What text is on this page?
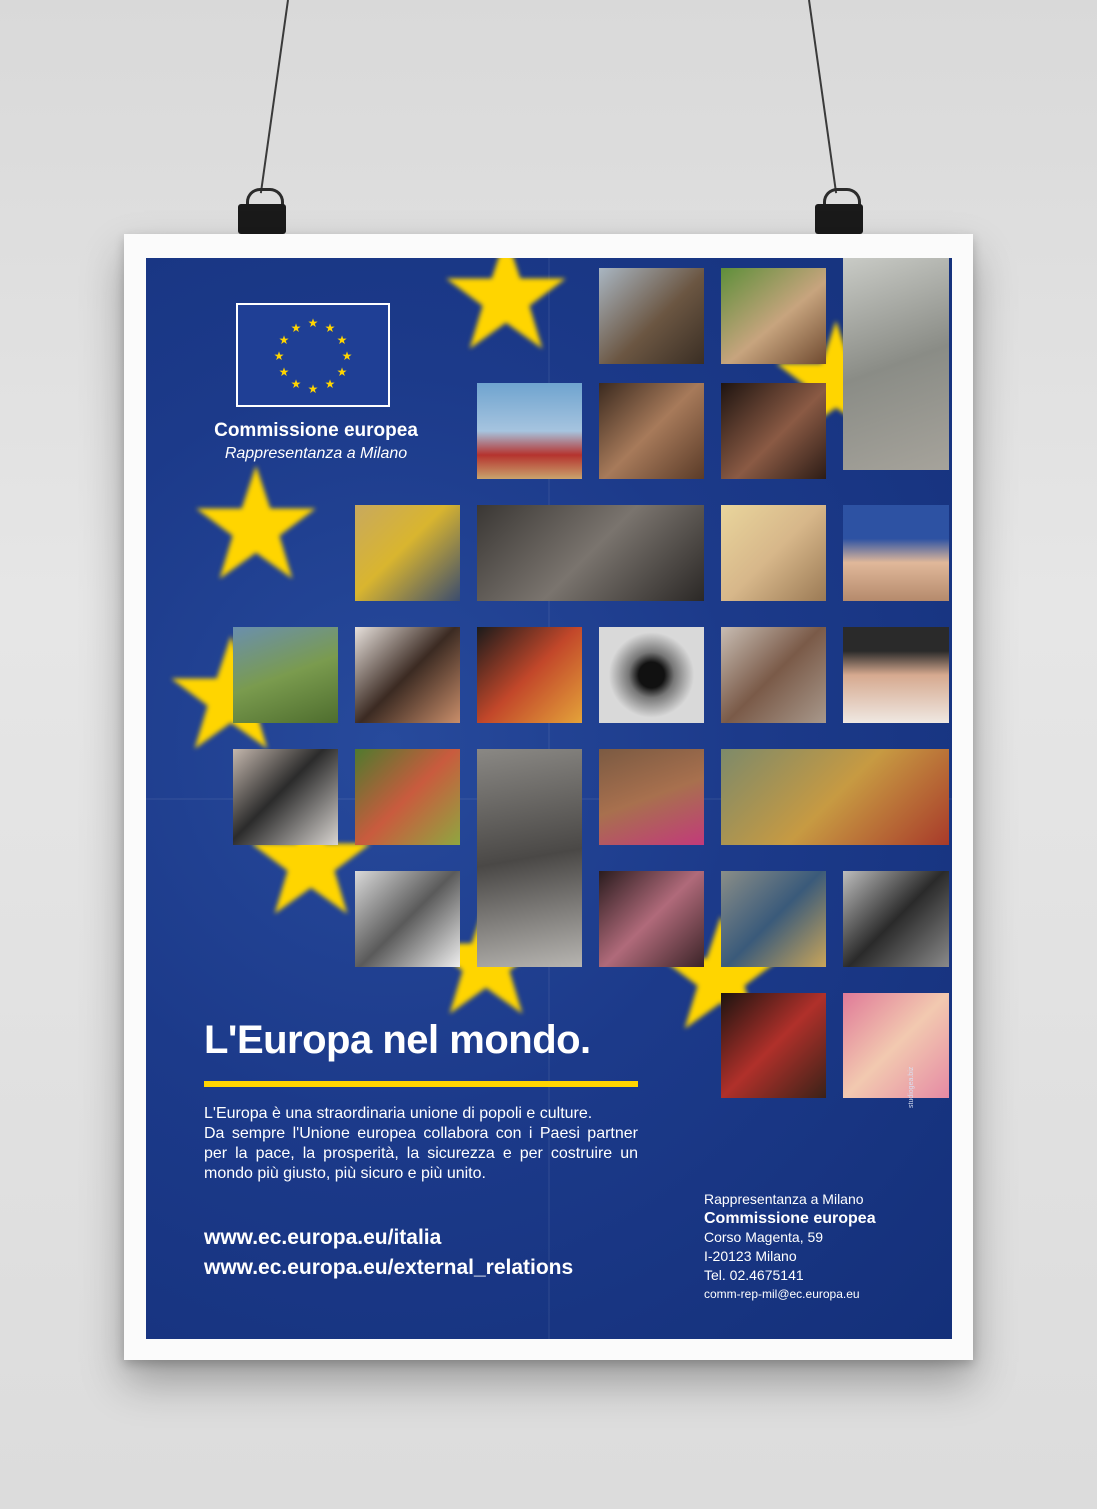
★ ★
★
★
★
★
★
★
★
★
★
★
Commissione europea
Rappresentanza a Milano
L'Europa nel mondo.

L'Europa è una straordinaria unione di popoli e culture.

Da sempre l'Unione europea collabora con i Paesi partner per la pace, la prosperità, la sicurezza e per costruire un mondo più giusto, più sicuro e più unito.

www.ec.europa.eu/italia
www.ec.europa.eu/external_relations
Rappresentanza a Milano
Commissione europea
Corso Magenta, 59
I-20123 Milano
Tel. 02.4675141
comm-rep-mil@ec.europa.eu
studiogea.biz
